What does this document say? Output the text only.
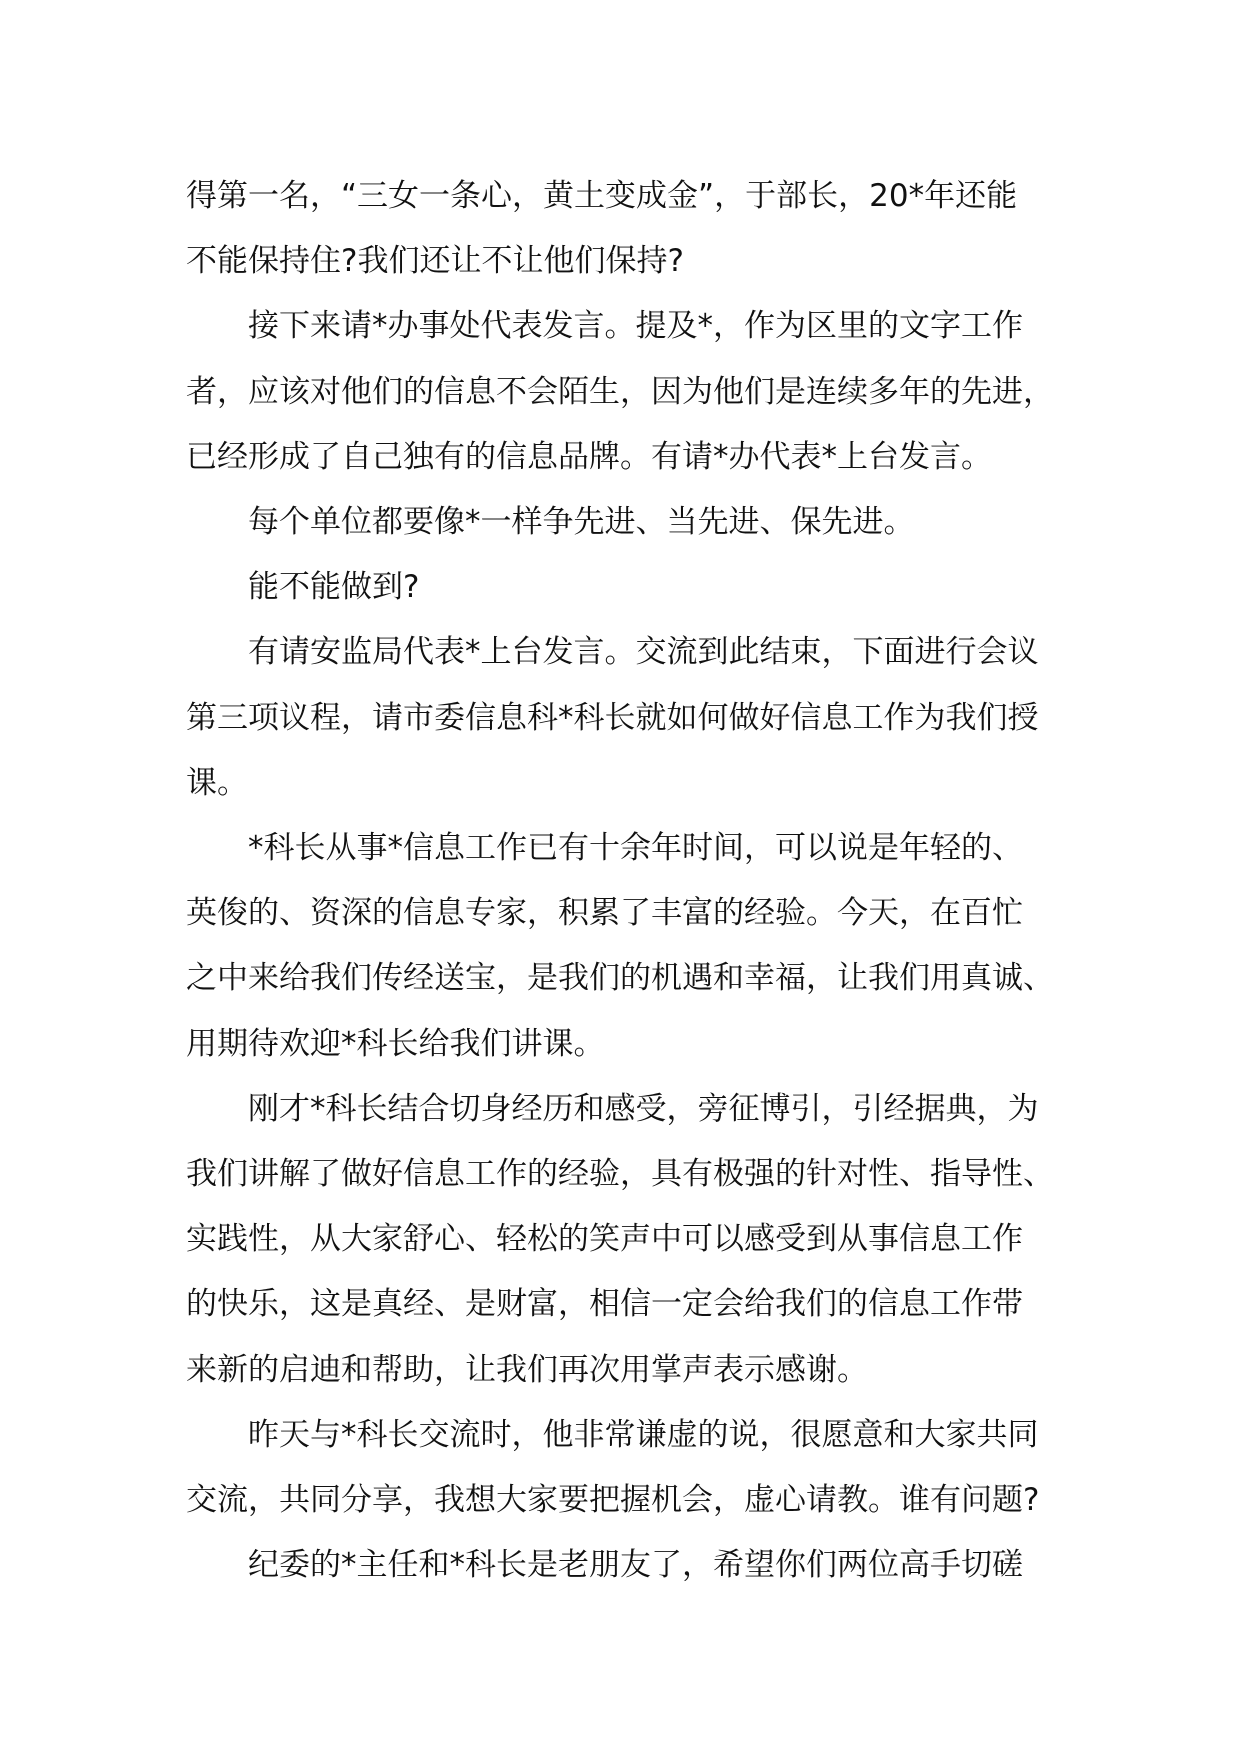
得第一名，“三女一条心，黄土变成金”，于部长，20*年还能
不能保持住?我们还让不让他们保持?

接下来请*办事处代表发言。提及*，作为区里的文字工作
者，应该对他们的信息不会陌生，因为他们是连续多年的先进，
已经形成了自己独有的信息品牌。有请*办代表*上台发言。

每个单位都要像*一样争先进、当先进、保先进。

能不能做到?

有请安监局代表*上台发言。交流到此结束，下面进行会议
第三项议程，请市委信息科*科长就如何做好信息工作为我们授
课。

*科长从事*信息工作已有十余年时间，可以说是年轻的、
英俊的、资深的信息专家，积累了丰富的经验。今天，在百忙
之中来给我们传经送宝，是我们的机遇和幸福，让我们用真诚、
用期待欢迎*科长给我们讲课。

刚才*科长结合切身经历和感受，旁征博引，引经据典，为
我们讲解了做好信息工作的经验，具有极强的针对性、指导性、
实践性，从大家舒心、轻松的笑声中可以感受到从事信息工作
的快乐，这是真经、是财富，相信一定会给我们的信息工作带
来新的启迪和帮助，让我们再次用掌声表示感谢。

昨天与*科长交流时，他非常谦虚的说，很愿意和大家共同
交流，共同分享，我想大家要把握机会，虚心请教。谁有问题?

纪委的*主任和*科长是老朋友了，希望你们两位高手切磋
